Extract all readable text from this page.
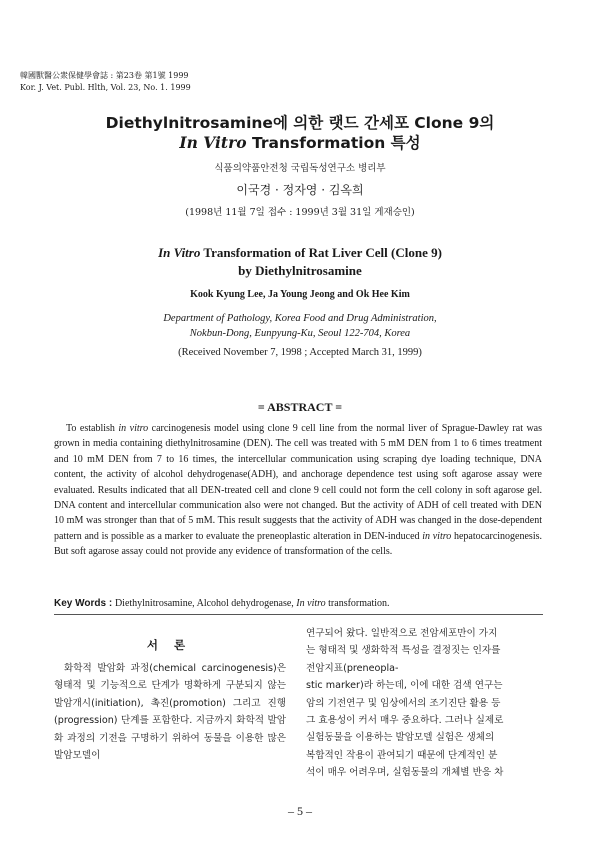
韓國獸醫公衆保健學會誌 : 第23卷 第1號 1999
Kor. J. Vet. Publ. Hlth, Vol. 23, No. 1. 1999
Diethylnitrosamine에 의한 랫드 간세포 Clone 9의
In Vitro Transformation 특성
식품의약품안전청 국립독성연구소 병리부
이국경 · 정자영 · 김옥희
(1998년 11월 7일 접수 : 1999년 3월 31일 게재승인)
In Vitro Transformation of Rat Liver Cell (Clone 9)
by Diethylnitrosamine
Kook Kyung Lee, Ja Young Jeong and Ok Hee Kim
Department of Pathology, Korea Food and Drug Administration,
Nokbun-Dong, Eunpyung-Ku, Seoul 122-704, Korea
(Received November 7, 1998 ; Accepted March 31, 1999)
= ABSTRACT =
To establish in vitro carcinogenesis model using clone 9 cell line from the normal liver of Sprague-Dawley rat was grown in media containing diethylnitrosamine (DEN). The cell was treated with 5 mM DEN from 1 to 6 times treatment and 10 mM DEN from 7 to 16 times, the intercellular communication using scraping dye loading technique, DNA content, the activity of alcohol dehydrogenase(ADH), and anchorage dependence test using soft agarose assay were evaluated. Results indicated that all DEN-treated cell and clone 9 cell could not form the cell colony in soft agarose gel. DNA content and intercellular communication also were not changed. But the activity of ADH of cell treated with DEN 10 mM was stronger than that of 5 mM. This result suggests that the activity of ADH was changed in the dose-dependent pattern and is possible as a marker to evaluate the preneoplastic alteration in DEN-induced in vitro hepatocarcinogenesis. But soft agarose assay could not provide any evidence of transformation of the cells.
Key Words : Diethylnitrosamine, Alcohol dehydrogenase, In vitro transformation.
서 론
화학적 발암화 과정(chemical carcinogenesis)은 형태적 및 기능적으로 단계가 명확하게 구분되지 않는 발암개시(initiation), 촉진(promotion) 그리고 진행(progression) 단계를 포함한다. 지금까지 화학적 발암화 과정의 기전을 구명하기 위하여 동물을 이용한 많은 발암모델이
연구되어 왔다. 일반적으로 전암세포만이 가지
는 형태적 및 생화학적 특성을 결정짓는 인자를
전암지표(preneopla-
stic marker)라 하는데, 이에 대한 검색 연구는
암의 기전연구 및 임상에서의 조기진단 활용 등
그 효용성이 커서 매우 중요하다. 그러나 실제로
실험동물을 이용하는 발암모델 실험은 생체의
복합적인 작용이 관여되기 때문에 단계적인 분
석이 매우 어려우며, 실험동물의 개체별 반응 차
– 5 –
